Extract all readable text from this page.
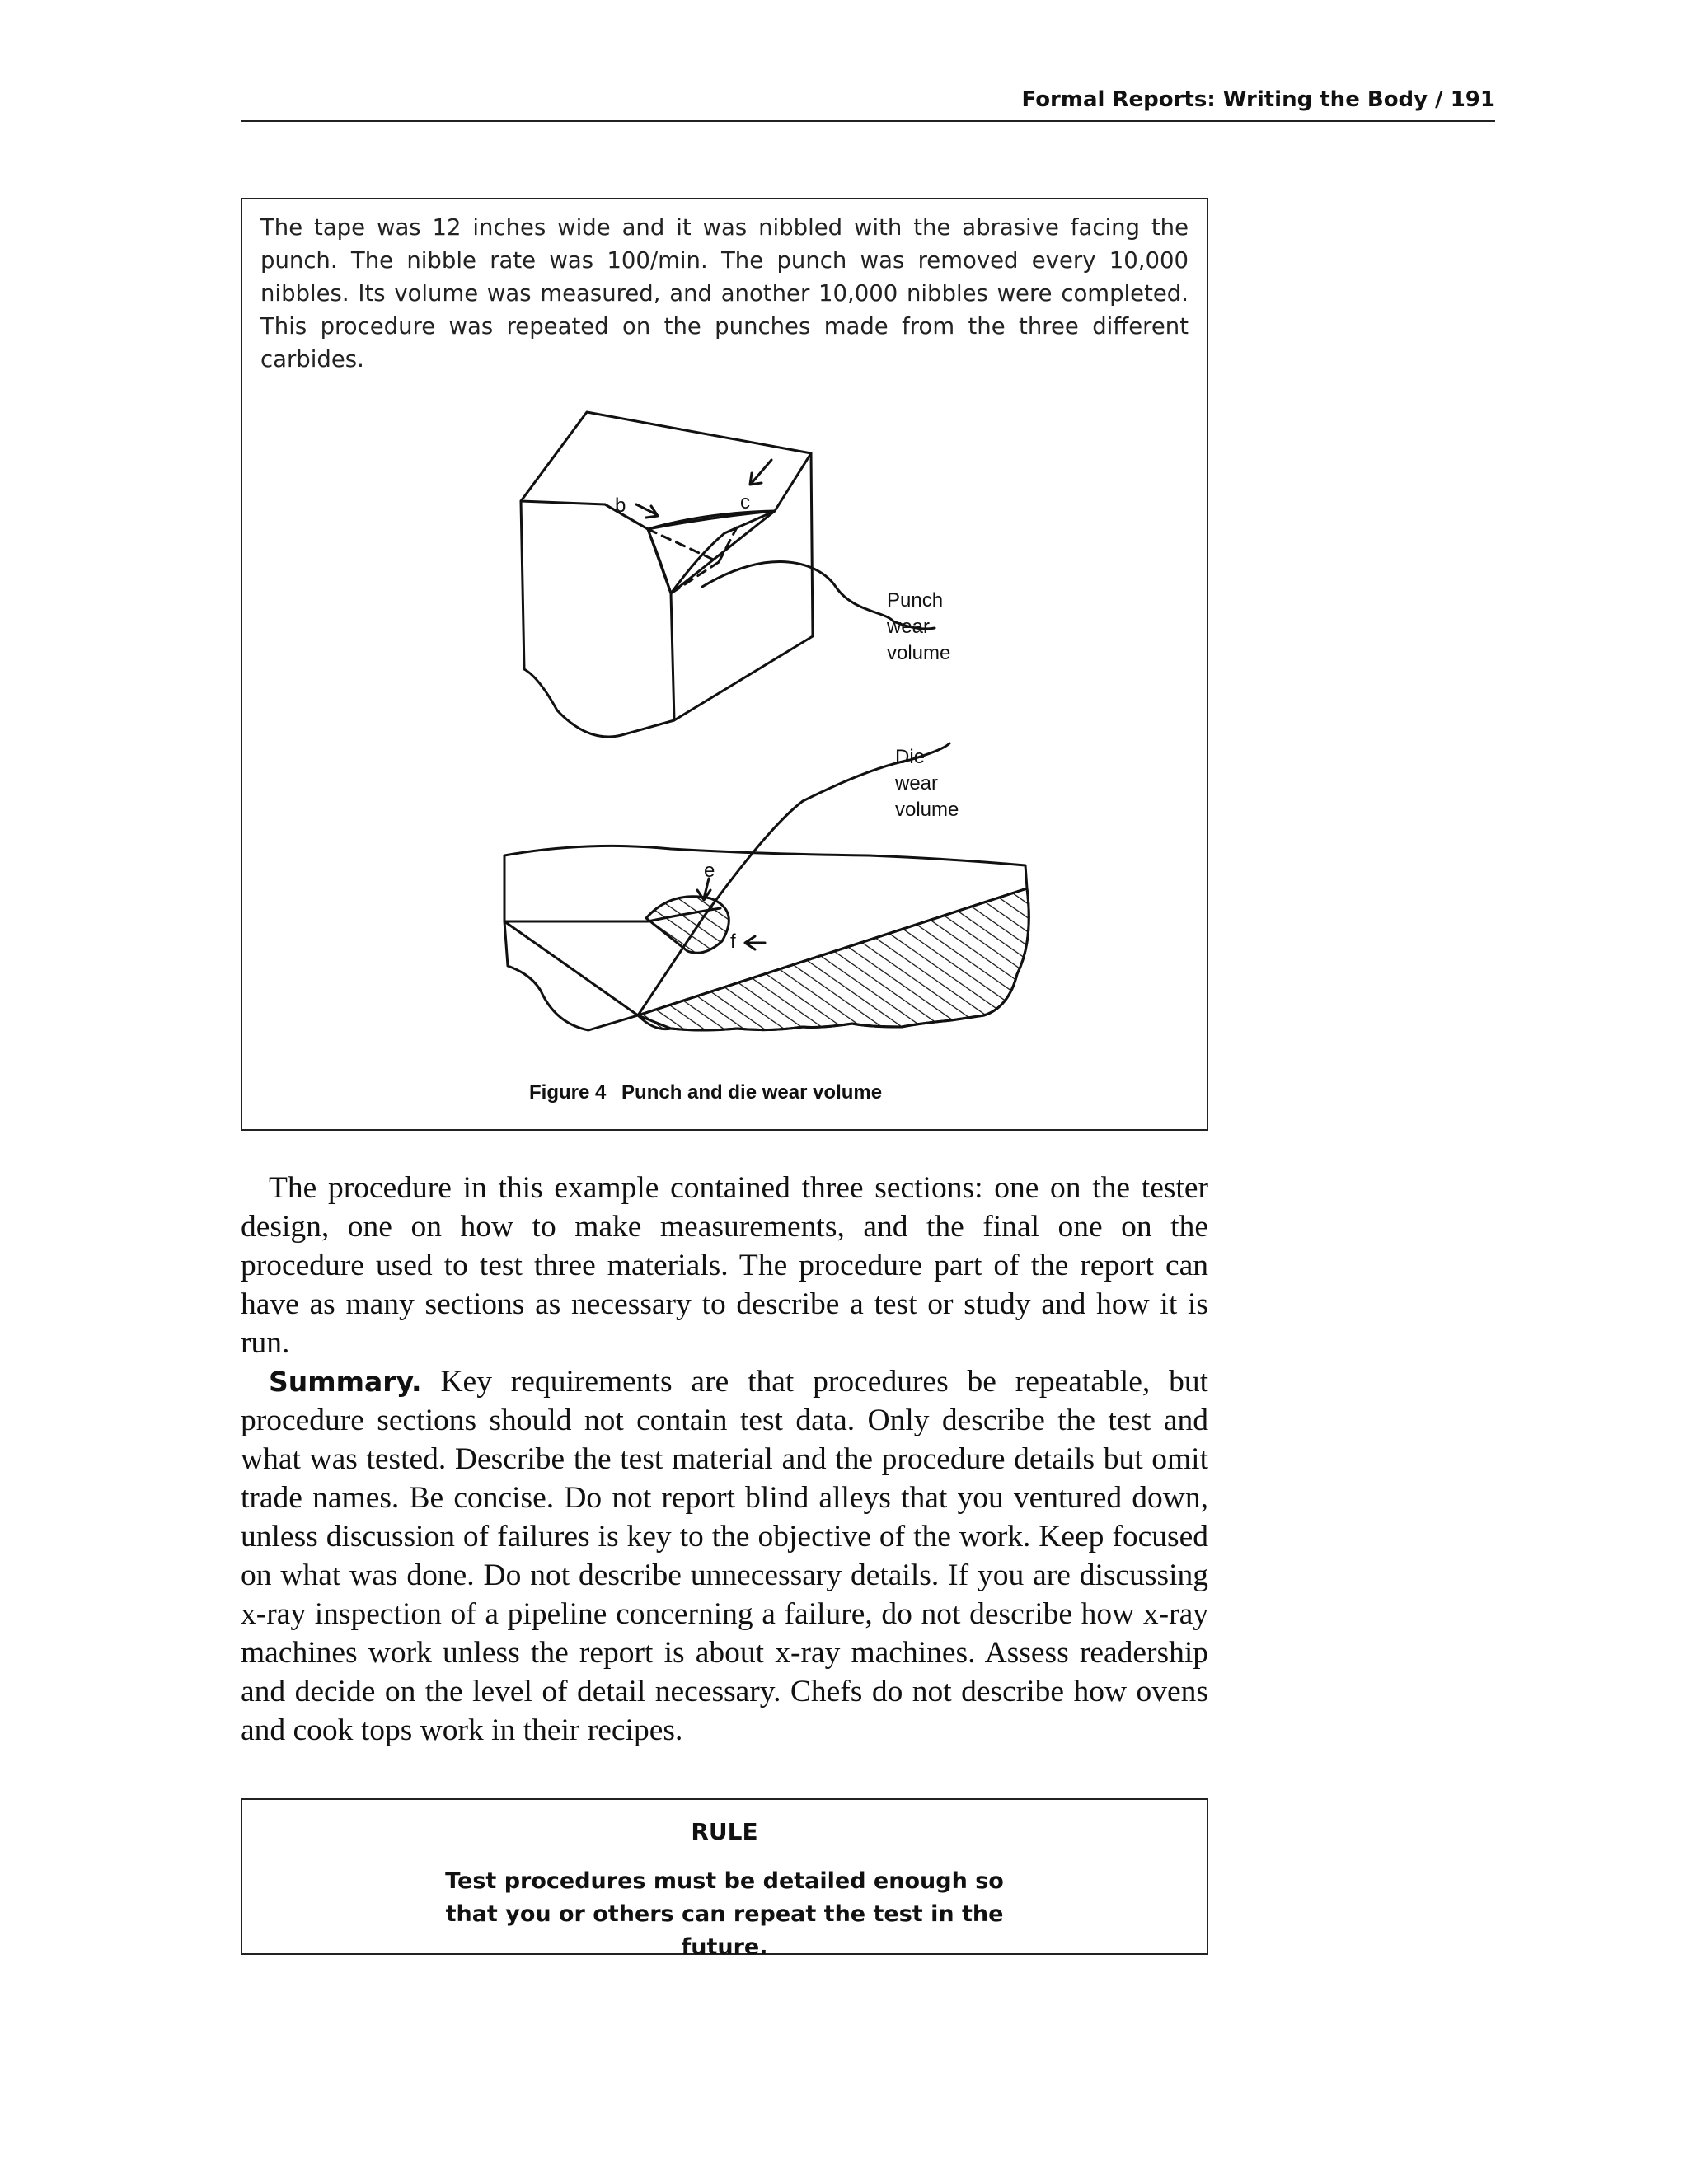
Formal Reports: Writing the Body / 191
The tape was 12 inches wide and it was nibbled with the abrasive facing the punch. The nibble rate was 100/min. The punch was removed every 10,000 nibbles. Its volume was measured, and another 10,000 nibbles were completed. This procedure was repeated on the punches made from the three different carbides.
b	c
e
f
Punch
wear
volume
Die
wear
volume
Figure 4 Punch and die wear volume

The procedure in this example contained three sections: one on the tester design, one on how to make measurements, and the final one on the procedure used to test three materials. The procedure part of the report can have as many sections as necessary to describe a test or study and how it is run.

Summary. Key requirements are that procedures be repeatable, but procedure sections should not contain test data. Only describe the test and what was tested. Describe the test material and the procedure details but omit trade names. Be concise. Do not report blind alleys that you ventured down, unless discussion of failures is key to the objective of the work. Keep focused on what was done. Do not describe unnecessary details. If you are discussing x-ray inspection of a pipeline concerning a failure, do not describe how x-ray machines work unless the report is about x-ray machines. Assess readership and decide on the level of detail necessary. Chefs do not describe how ovens and cook tops work in their recipes.

RULE
Test procedures must be detailed enough so that you or others can repeat the test in the future.
